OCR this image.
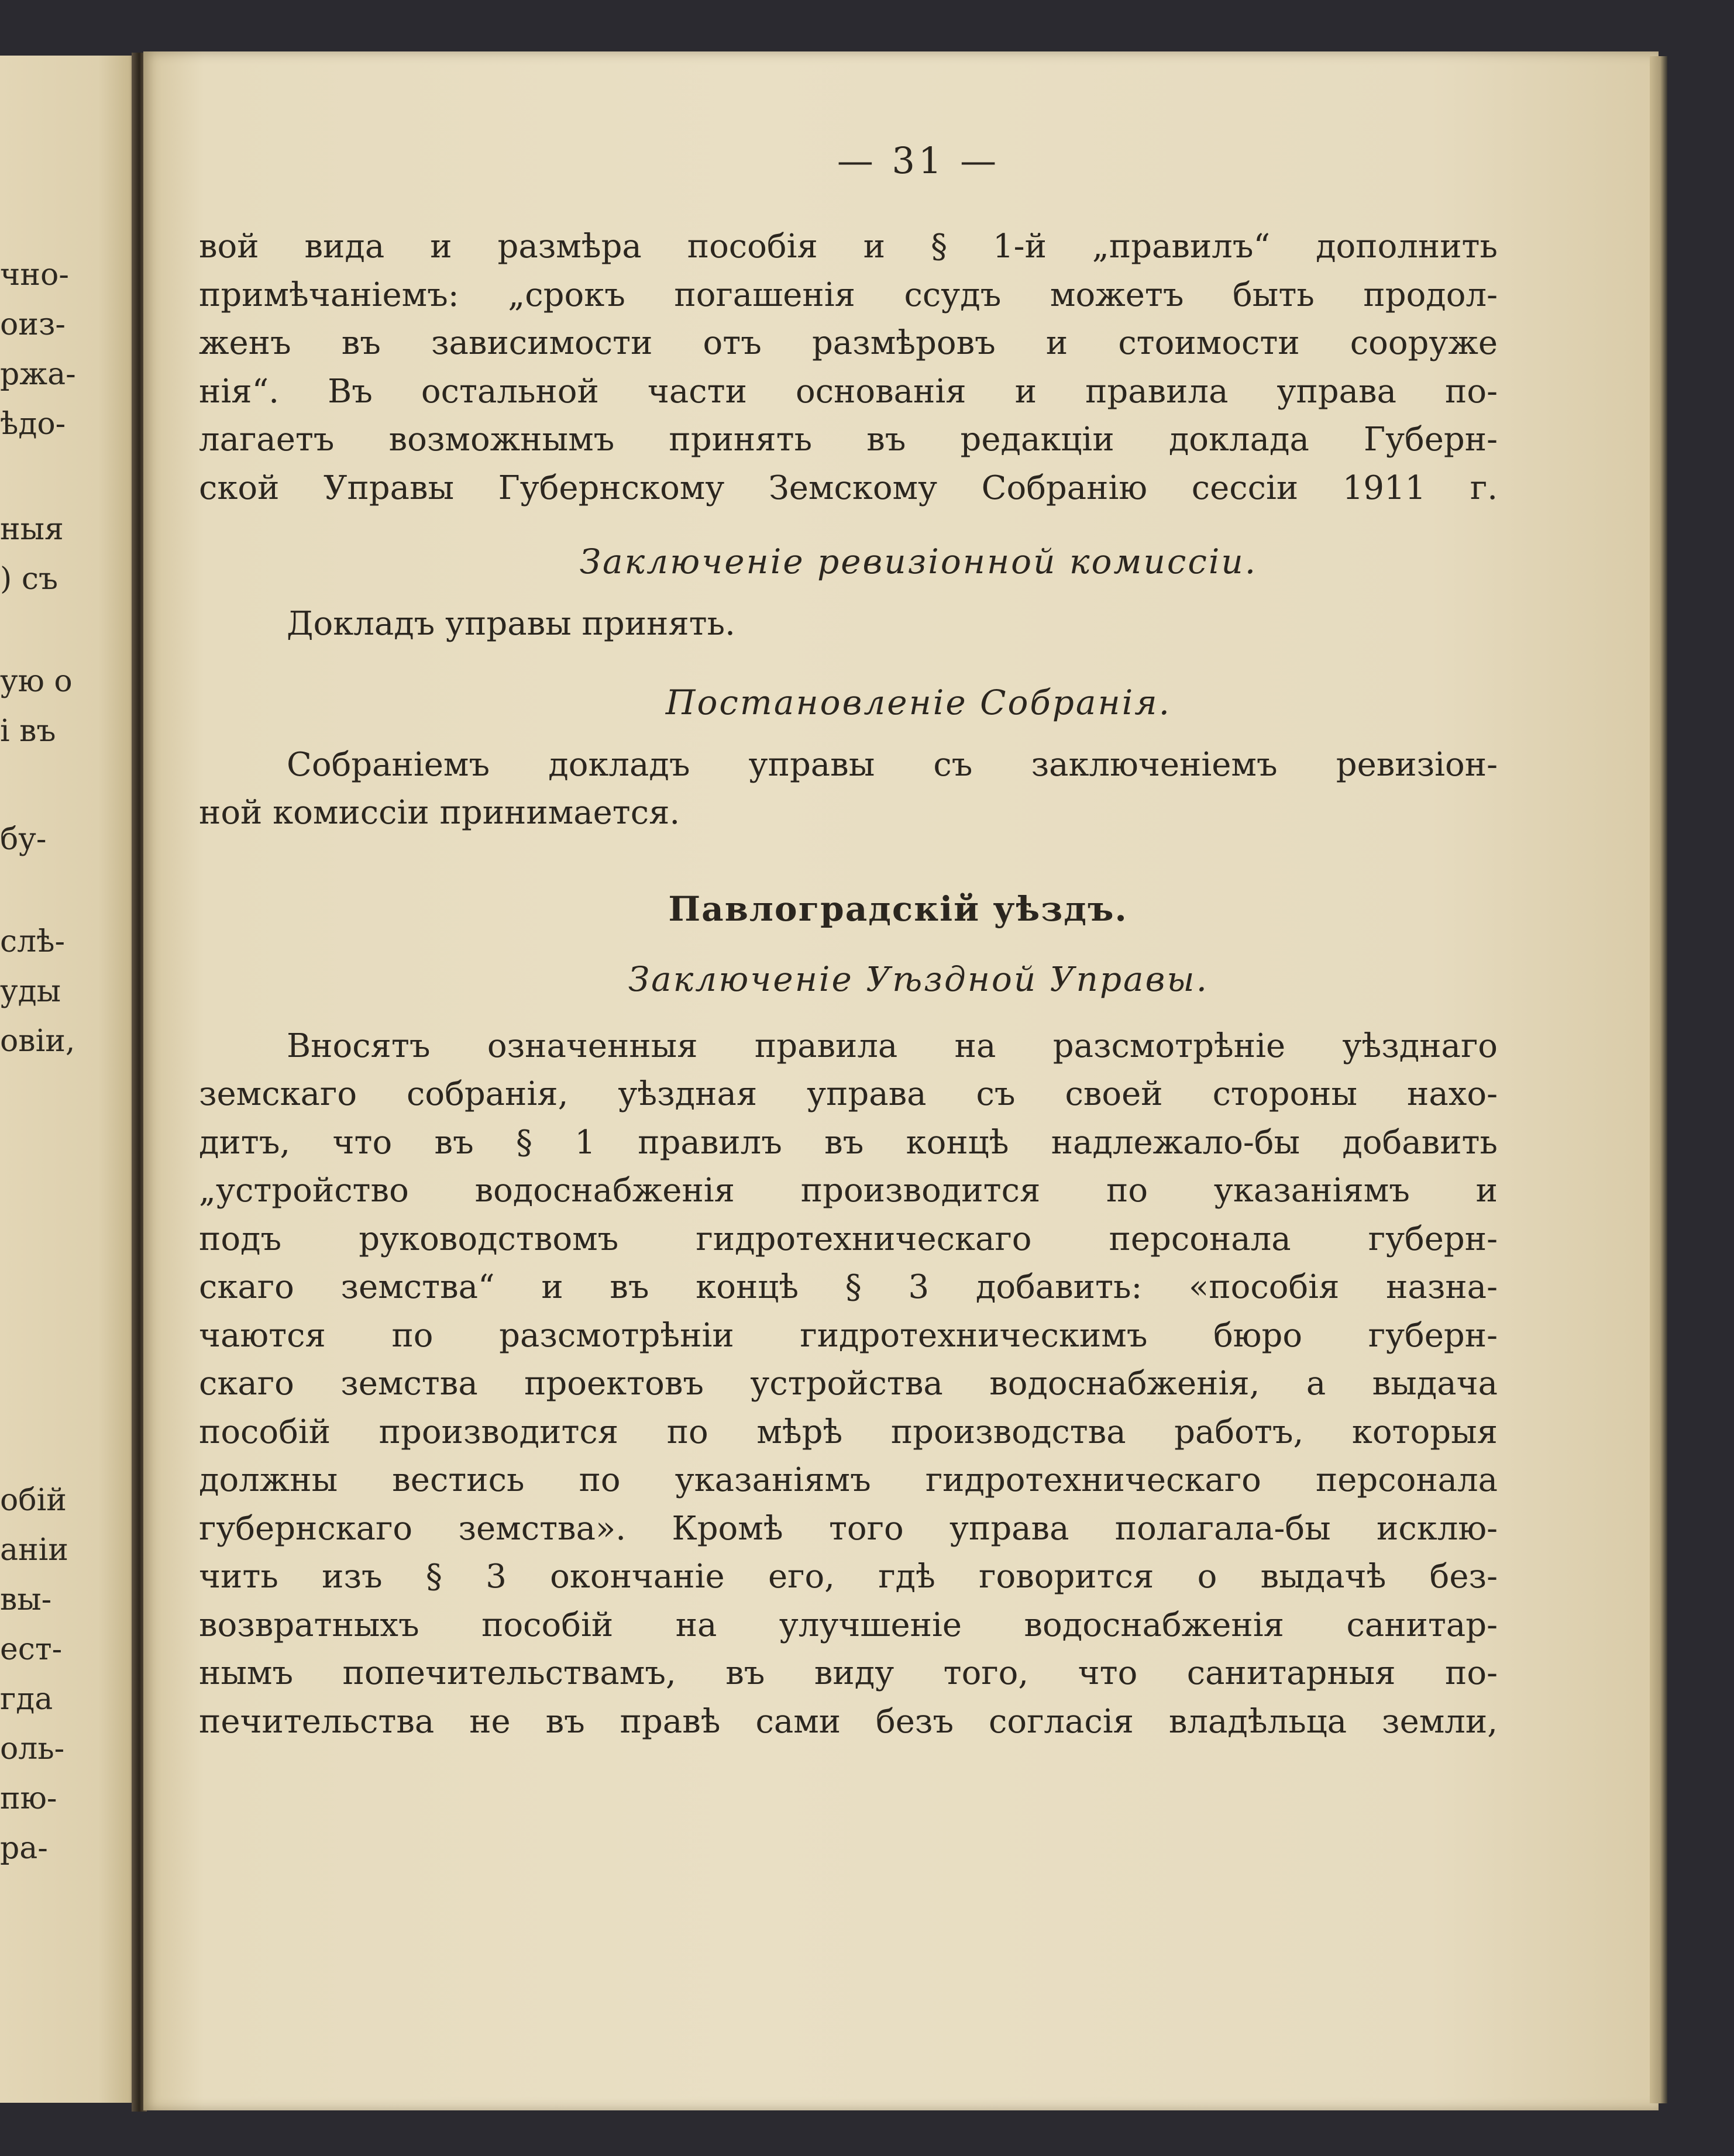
чно-
оиз-
ржа-
ѣдо-
ныя
) съ
ую о
і въ
бу-
слѣ-
уды
овіи,
обій
аніи
вы-
ест-
гда
оль-
пю-
ра-
— 31 —

вой вида и размѣра пособія и § 1-й „правилъ“ дополнить

примѣчаніемъ: „срокъ погашенія ссудъ можетъ быть продол-

женъ въ зависимости отъ размѣровъ и стоимости сооруже

нія“. Въ остальной части основанія и правила управа по-

лагаетъ возможнымъ принять въ редакціи доклада Губерн-

ской Управы Губернскому Земскому Собранію сессіи 1911 г.

Заключеніе ревизіонной комиссіи.

Докладъ управы принять.

Постановленіе Собранія.

Собраніемъ докладъ управы съ заключеніемъ ревизіон-

ной комиссіи принимается.

Павлоградскій уѣздъ.
Заключеніе Уѣздной Управы.

Вносятъ означенныя правила на разсмотрѣніе уѣзднаго

земскаго собранія, уѣздная управа съ своей стороны нахо-

дитъ, что въ § 1 правилъ въ концѣ надлежало-бы добавить

„устройство водоснабженія производится по указаніямъ и

подъ руководствомъ гидротехническаго персонала губерн-

скаго земства“ и въ концѣ § 3 добавить: «пособія назна-

чаются по разсмотрѣніи гидротехническимъ бюро губерн-

скаго земства проектовъ устройства водоснабженія, а выдача

пособій производится по мѣрѣ производства работъ, которыя

должны вестись по указаніямъ гидротехническаго персонала

губернскаго земства». Кромѣ того управа полагала-бы исклю-

чить изъ § 3 окончаніе его, гдѣ говорится о выдачѣ без-

возвратныхъ пособій на улучшеніе водоснабженія санитар-

нымъ попечительствамъ, въ виду того, что санитарныя по-

печительства не въ правѣ сами безъ согласія владѣльца земли,
